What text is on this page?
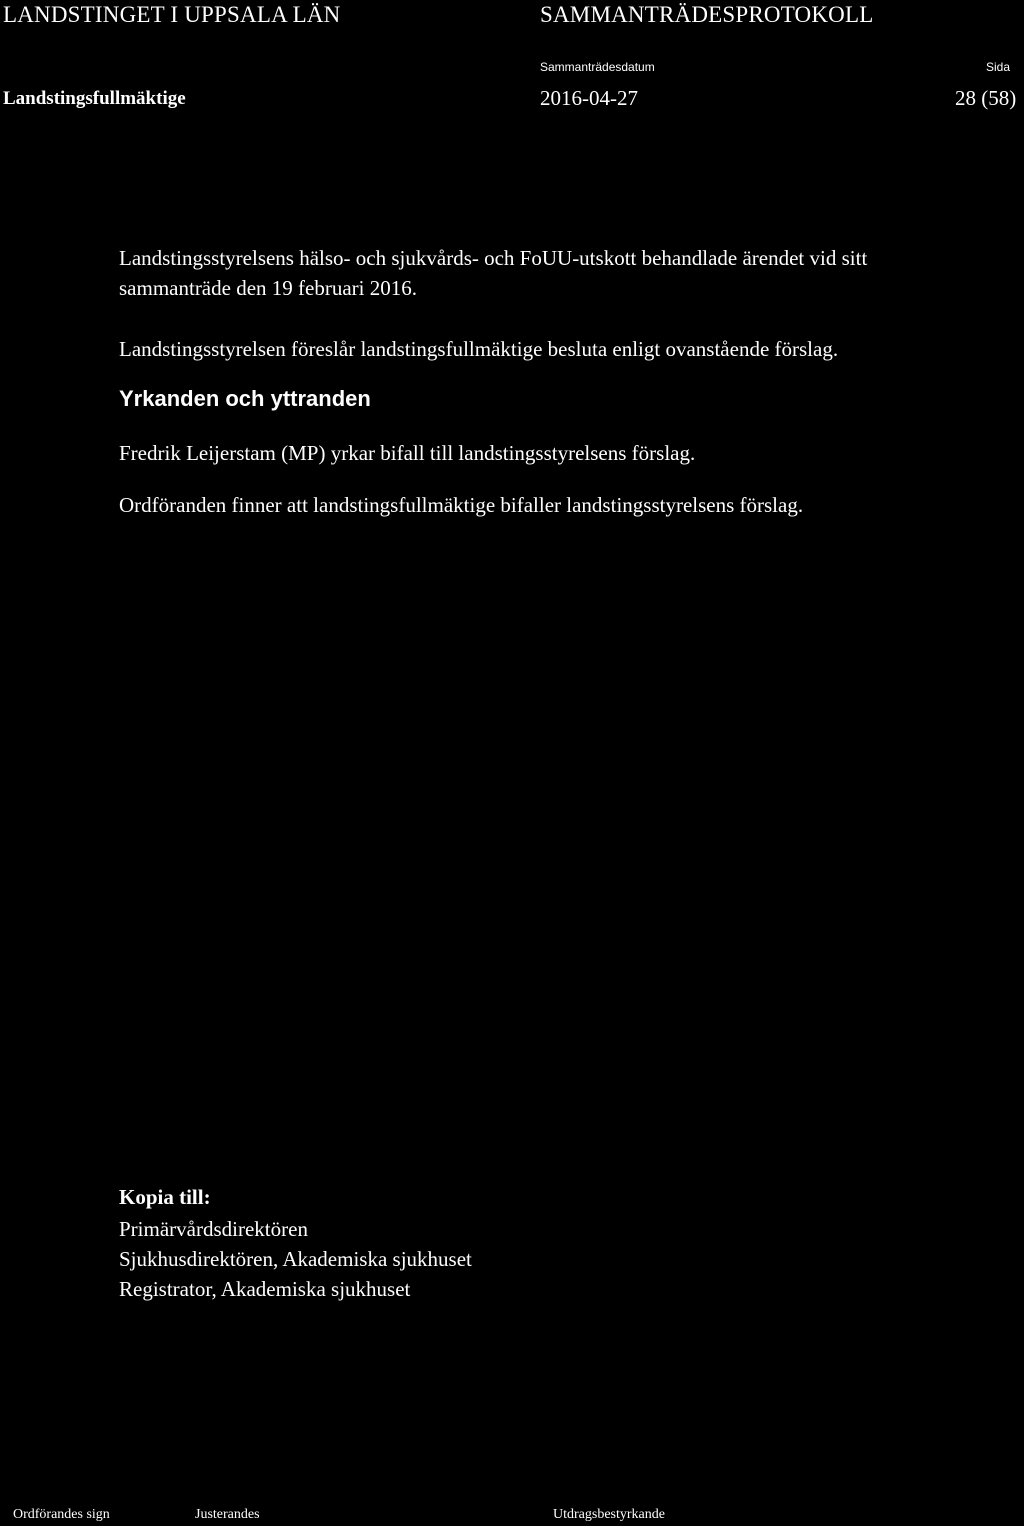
LANDSTINGET I UPPSALA LÄN	SAMMANTRÄDESPROTOKOLL
Sammanträdesdatum	Sida
Landstingsfullmäktige	2016-04-27	28 (58)
Landstingsstyrelsens hälso- och sjukvårds- och FoUU-utskott behandlade ärendet vid sitt
sammanträde den 19 februari 2016.
Landstingsstyrelsen föreslår landstingsfullmäktige besluta enligt ovanstående förslag.
Yrkanden och yttranden
Fredrik Leijerstam (MP) yrkar bifall till landstingsstyrelsens förslag.
Ordföranden finner att landstingsfullmäktige bifaller landstingsstyrelsens förslag.
Kopia till:
Primärvårdsdirektören
Sjukhusdirektören, Akademiska sjukhuset
Registrator, Akademiska sjukhuset
Ordförandes sign	Justerandes	Utdragsbestyrkande
